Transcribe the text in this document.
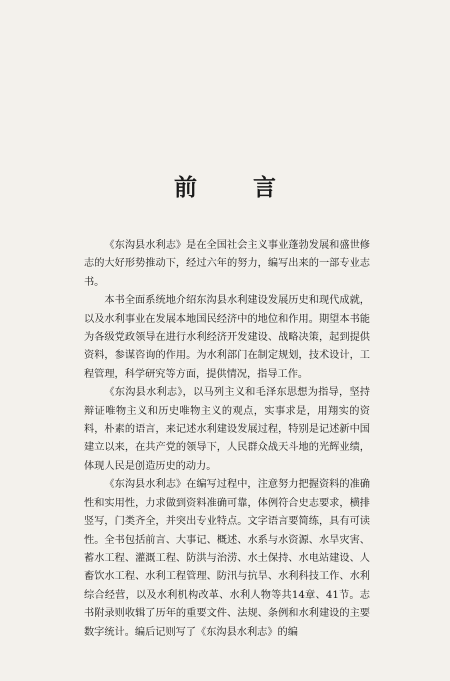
前 言

《东沟县水利志》是在全国社会主义事业蓬勃发展和盛世修志的大好形势推动下，经过六年的努力，编写出来的一部专业志书。

本书全面系统地介绍东沟县水利建设发展历史和现代成就，以及水利事业在发展本地国民经济中的地位和作用。期望本书能为各级党政领导在进行水利经济开发建设、战略决策，起到提供资料，参谋咨询的作用。为水利部门在制定规划，技术设计，工程管理，科学研究等方面，提供情况，指导工作。

《东沟县水利志》，以马列主义和毛泽东思想为指导，坚持辩证唯物主义和历史唯物主义的观点，实事求是，用翔实的资料，朴素的语言，来记述水利建设发展过程，特别是记述新中国建立以来，在共产党的领导下，人民群众战天斗地的光辉业绩，体现人民是创造历史的动力。

《东沟县水利志》在编写过程中，注意努力把握资料的准确性和实用性，力求做到资料准确可靠，体例符合史志要求，横排竖写，门类齐全，并突出专业特点。文字语言要简练，具有可读性。全书包括前言、大事记、概述、水系与水资源、水旱灾害、蓄水工程、灌溉工程、防洪与治涝、水土保持、水电站建设、人畜饮水工程、水利工程管理、防汛与抗旱、水利科技工作、水利综合经营，以及水利机构改革、水利人物等共14章、41节。志书附录则收辑了历年的重要文件、法规、条例和水利建设的主要数字统计。编后记则写了《东沟县水利志》的编
